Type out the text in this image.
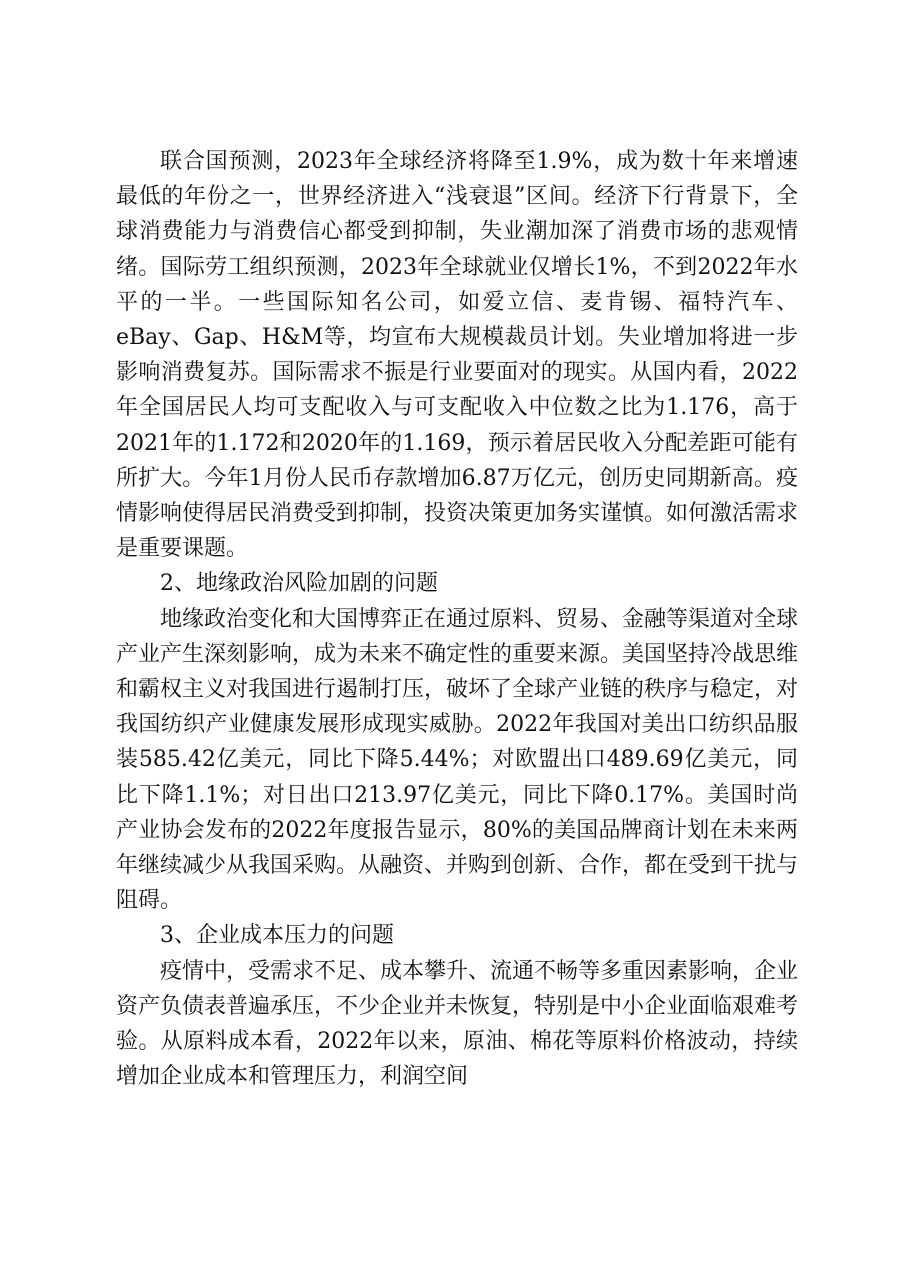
联合国预测，2023年全球经济将降至1.9%，成为数十年来增速最低的年份之一，世界经济进入“浅衰退”区间。经济下行背景下，全球消费能力与消费信心都受到抑制，失业潮加深了消费市场的悲观情绪。国际劳工组织预测，2023年全球就业仅增长1%，不到2022年水平的一半。一些国际知名公司，如爱立信、麦肯锡、福特汽车、eBay、Gap、H&M等，均宣布大规模裁员计划。失业增加将进一步影响消费复苏。国际需求不振是行业要面对的现实。从国内看，2022年全国居民人均可支配收入与可支配收入中位数之比为1.176，高于2021年的1.172和2020年的1.169，预示着居民收入分配差距可能有所扩大。今年1月份人民币存款增加6.87万亿元，创历史同期新高。疫情影响使得居民消费受到抑制，投资决策更加务实谨慎。如何激活需求是重要课题。

2、地缘政治风险加剧的问题

地缘政治变化和大国博弈正在通过原料、贸易、金融等渠道对全球产业产生深刻影响，成为未来不确定性的重要来源。美国坚持冷战思维和霸权主义对我国进行遏制打压，破坏了全球产业链的秩序与稳定，对我国纺织产业健康发展形成现实威胁。2022年我国对美出口纺织品服装585.42亿美元，同比下降5.44%；对欧盟出口489.69亿美元，同比下降1.1%；对日出口213.97亿美元，同比下降0.17%。美国时尚产业协会发布的2022年度报告显示，80%的美国品牌商计划在未来两年继续减少从我国采购。从融资、并购到创新、合作，都在受到干扰与阻碍。

3、企业成本压力的问题

疫情中，受需求不足、成本攀升、流通不畅等多重因素影响，企业资产负债表普遍承压，不少企业并未恢复，特别是中小企业面临艰难考验。从原料成本看，2022年以来，原油、棉花等原料价格波动，持续增加企业成本和管理压力，利润空间
